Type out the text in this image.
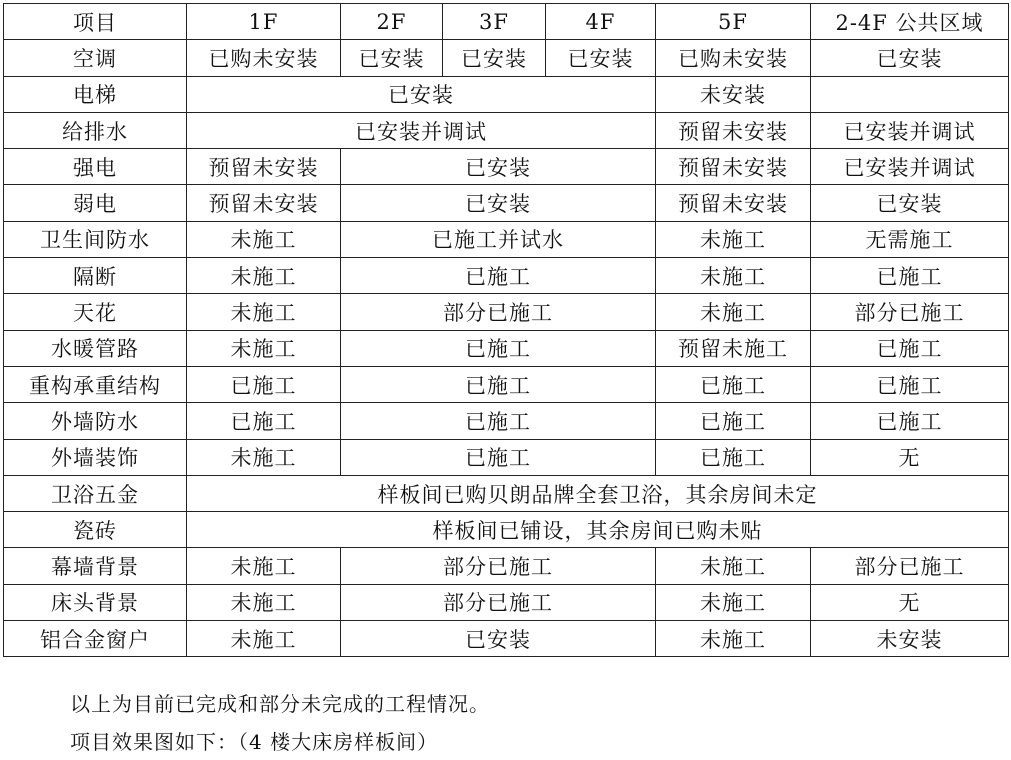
项目	1F	2F	3F	4F	5F	2-4F 公共区域
空调	已购未安装	已安装	已安装	已安装	已购未安装	已安装
电梯	已安装				未安装	
给排水	已安装并调试				预留未安装	已安装并调试
强电	预留未安装	已安装			预留未安装	已安装并调试
弱电	预留未安装	已安装			预留未安装	已安装
卫生间防水	未施工	已施工并试水			未施工	无需施工
隔断	未施工	已施工			未施工	已施工
天花	未施工	部分已施工			未施工	部分已施工
水暖管路	未施工	已施工			预留未施工	已施工
重构承重结构	已施工	已施工			已施工	已施工
外墙防水	已施工	已施工			已施工	已施工
外墙装饰	未施工	已施工			已施工	无
卫浴五金	样板间已购贝朗品牌全套卫浴，其余房间未定					
瓷砖	样板间已铺设，其余房间已购未贴					
幕墙背景	未施工	部分已施工			未施工	部分已施工
床头背景	未施工	部分已施工			未施工	无
铝合金窗户	未施工	已安装			未施工	未安装
以上为目前已完成和部分未完成的工程情况。
项目效果图如下：（4 楼大床房样板间）
